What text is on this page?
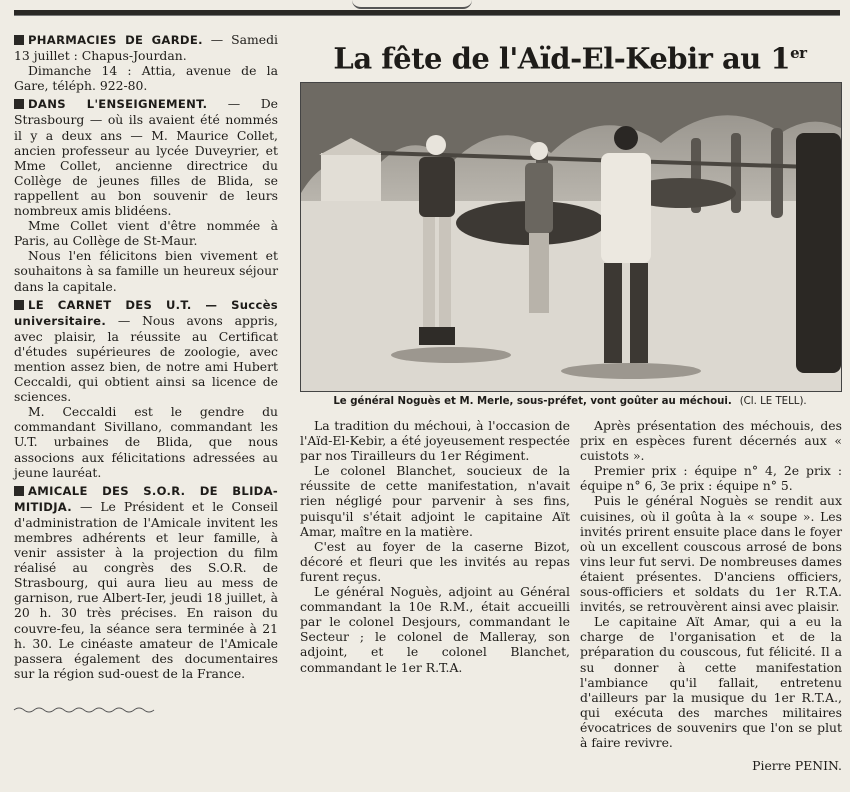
PHARMACIES DE GARDE. — Samedi 13 juillet : Chapus-Jourdan.

Dimanche 14 : Attia, avenue de la Gare, téléph. 922-80.

DANS L'ENSEIGNEMENT. — De Strasbourg — où ils avaient été nommés il y a deux ans — M. Maurice Collet, ancien professeur au lycée Duveyrier, et Mme Collet, ancienne directrice du Collège de jeunes filles de Blida, se rappellent au bon souvenir de leurs nombreux amis blidéens.

Mme Collet vient d'être nommée à Paris, au Collège de St-Maur.

Nous l'en félicitons bien vivement et souhaitons à sa famille un heureux séjour dans la capitale.

LE CARNET DES U.T. — Succès universitaire. — Nous avons appris, avec plaisir, la réussite au Certificat d'études supérieures de zoologie, avec mention assez bien, de notre ami Hubert Ceccaldi, qui obtient ainsi sa licence de sciences.

M. Ceccaldi est le gendre du commandant Sivillano, commandant les U.T. urbaines de Blida, que nous associons aux félicitations adressées au jeune lauréat.

AMICALE DES S.O.R. DE BLIDA-MITIDJA. — Le Président et le Conseil d'administration de l'Amicale invitent les membres adhérents et leur famille, à venir assister à la projection du film réalisé au congrès des S.O.R. de Strasbourg, qui aura lieu au mess de garnison, rue Albert-Ier, jeudi 18 juillet, à 20 h. 30 très précises. En raison du couvre-feu, la séance sera terminée à 21 h. 30. Le cinéaste amateur de l'Amicale passera également des documentaires sur la région sud-ouest de la France.

La fête de l'Aïd-El-Kebir au 1er
Le général Noguès et M. Merle, sous-préfet, vont goûter au méchoui. (Cl. LE TELL).

La tradition du méchoui, à l'occasion de l'Aïd-El-Kebir, a été joyeusement respectée par nos Tirailleurs du 1er Régiment.

Le colonel Blanchet, soucieux de la réussite de cette manifestation, n'avait rien négligé pour parvenir à ses fins, puisqu'il s'était adjoint le capitaine Aït Amar, maître en la matière.

C'est au foyer de la caserne Bizot, décoré et fleuri que les invités au repas furent reçus.

Le général Noguès, adjoint au Général commandant la 10e R.M., était accueilli par le colonel Desjours, commandant le Secteur ; le colonel de Malleray, son adjoint, et le colonel Blanchet, commandant le 1er R.T.A.

Après présentation des méchouis, des prix en espèces furent décernés aux « cuistots ».

Premier prix : équipe n° 4, 2e prix : équipe n° 6, 3e prix : équipe n° 5.

Puis le général Noguès se rendit aux cuisines, où il goûta à la « soupe ». Les invités prirent ensuite place dans le foyer où un excellent couscous arrosé de bons vins leur fut servi. De nombreuses dames étaient présentes. D'anciens officiers, sous-officiers et soldats du 1er R.T.A. invités, se retrouvèrent ainsi avec plaisir.

Le capitaine Aït Amar, qui a eu la charge de l'organisation et de la préparation du couscous, fut félicité. Il a su donner à cette manifestation l'ambiance qu'il fallait, entretenu d'ailleurs par la musique du 1er R.T.A., qui exécuta des marches militaires évocatrices de souvenirs que l'on se plut à faire revivre.

Pierre PENIN.
